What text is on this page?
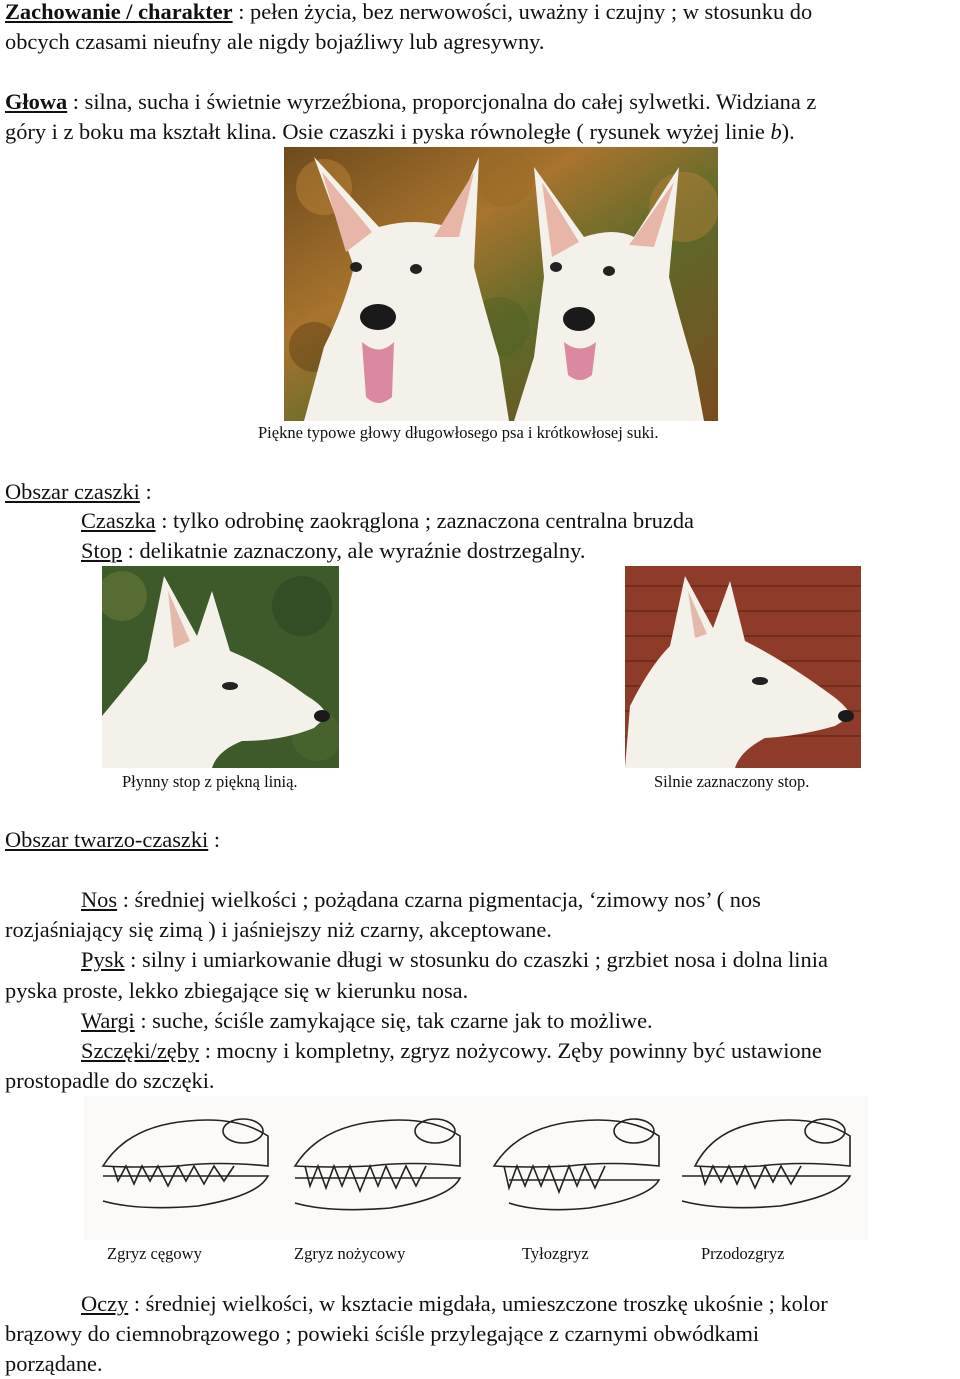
Zachowanie / charakter : pełen życia, bez nerwowości, uważny i czujny ; w stosunku do
obcych czasami nieufny ale nigdy bojaźliwy lub agresywny.
Głowa : silna, sucha i świetnie wyrzeźbiona, proporcjonalna do całej sylwetki. Widziana z
góry i z boku ma kształt klina. Osie czaszki i pyska równoległe ( rysunek wyżej linie b).
Piękne typowe głowy długowłosego psa i krótkowłosej suki.
Obszar czaszki :
Czaszka : tylko odrobinę zaokrąglona ; zaznaczona centralna bruzda
Stop : delikatnie zaznaczony, ale wyraźnie dostrzegalny.
Płynny stop z piękną linią.	Silnie zaznaczony stop.
Obszar twarzo-czaszki :
Nos : średniej wielkości ; pożądana czarna pigmentacja, ‘zimowy nos’ ( nos
rozjaśniający się zimą ) i jaśniejszy niż czarny, akceptowane.
Pysk : silny i umiarkowanie długi w stosunku do czaszki ; grzbiet nosa i dolna linia
pyska proste, lekko zbiegające się w kierunku nosa.
Wargi : suche, ściśle zamykające się, tak czarne jak to możliwe.
Szczęki/zęby : mocny i kompletny, zgryz nożycowy. Zęby powinny być ustawione
prostopadle do szczęki.
Zgryz cęgowy	Zgryz nożycowy	Tyłozgryz	Przodozgryz
Oczy : średniej wielkości, w ksztacie migdała, umieszczone troszkę ukośnie ; kolor
brązowy do ciemnobrązowego ; powieki ściśle przylegające z czarnymi obwódkami
porządane.
